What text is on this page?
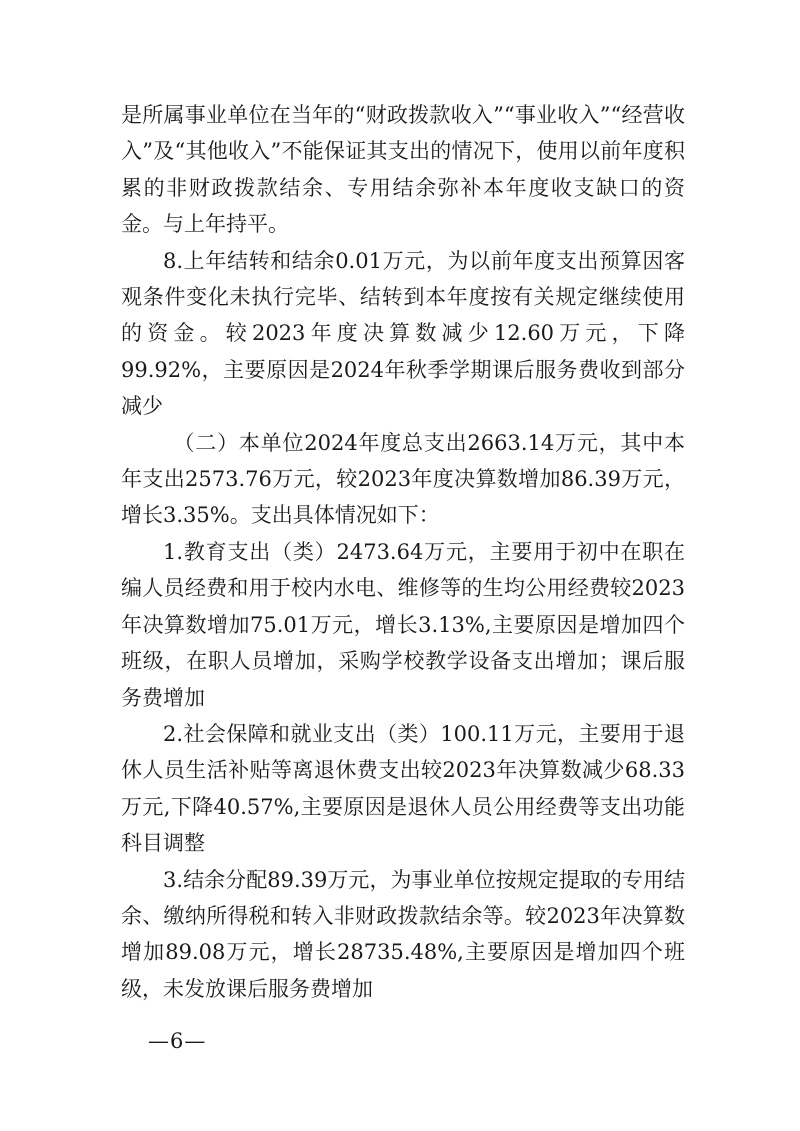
是所属事业单位在当年的“财政拨款收入”“事业收入”“经营收入”及“其他收入”不能保证其支出的情况下，使用以前年度积累的非财政拨款结余、专用结余弥补本年度收支缺口的资金。与上年持平。

8.上年结转和结余0.01万元，为以前年度支出预算因客观条件变化未执行完毕、结转到本年度按有关规定继续使用的资金。较2023年度决算数减少12.60万元，下降99.92%，主要原因是2024年秋季学期课后服务费收到部分减少

（二）本单位2024年度总支出2663.14万元，其中本年支出2573.76万元，较2023年度决算数增加86.39万元，增长3.35%。支出具体情况如下：

1.教育支出（类）2473.64万元，主要用于初中在职在编人员经费和用于校内水电、维修等的生均公用经费较2023年决算数增加75.01万元，增长3.13%,主要原因是增加四个班级，在职人员增加，采购学校教学设备支出增加；课后服务费增加

2.社会保障和就业支出（类）100.11万元，主要用于退休人员生活补贴等离退休费支出较2023年决算数减少68.33万元,下降40.57%,主要原因是退休人员公用经费等支出功能科目调整

3.结余分配89.39万元，为事业单位按规定提取的专用结余、缴纳所得税和转入非财政拨款结余等。较2023年决算数增加89.08万元，增长28735.48%,主要原因是增加四个班级，未发放课后服务费增加

—6—
